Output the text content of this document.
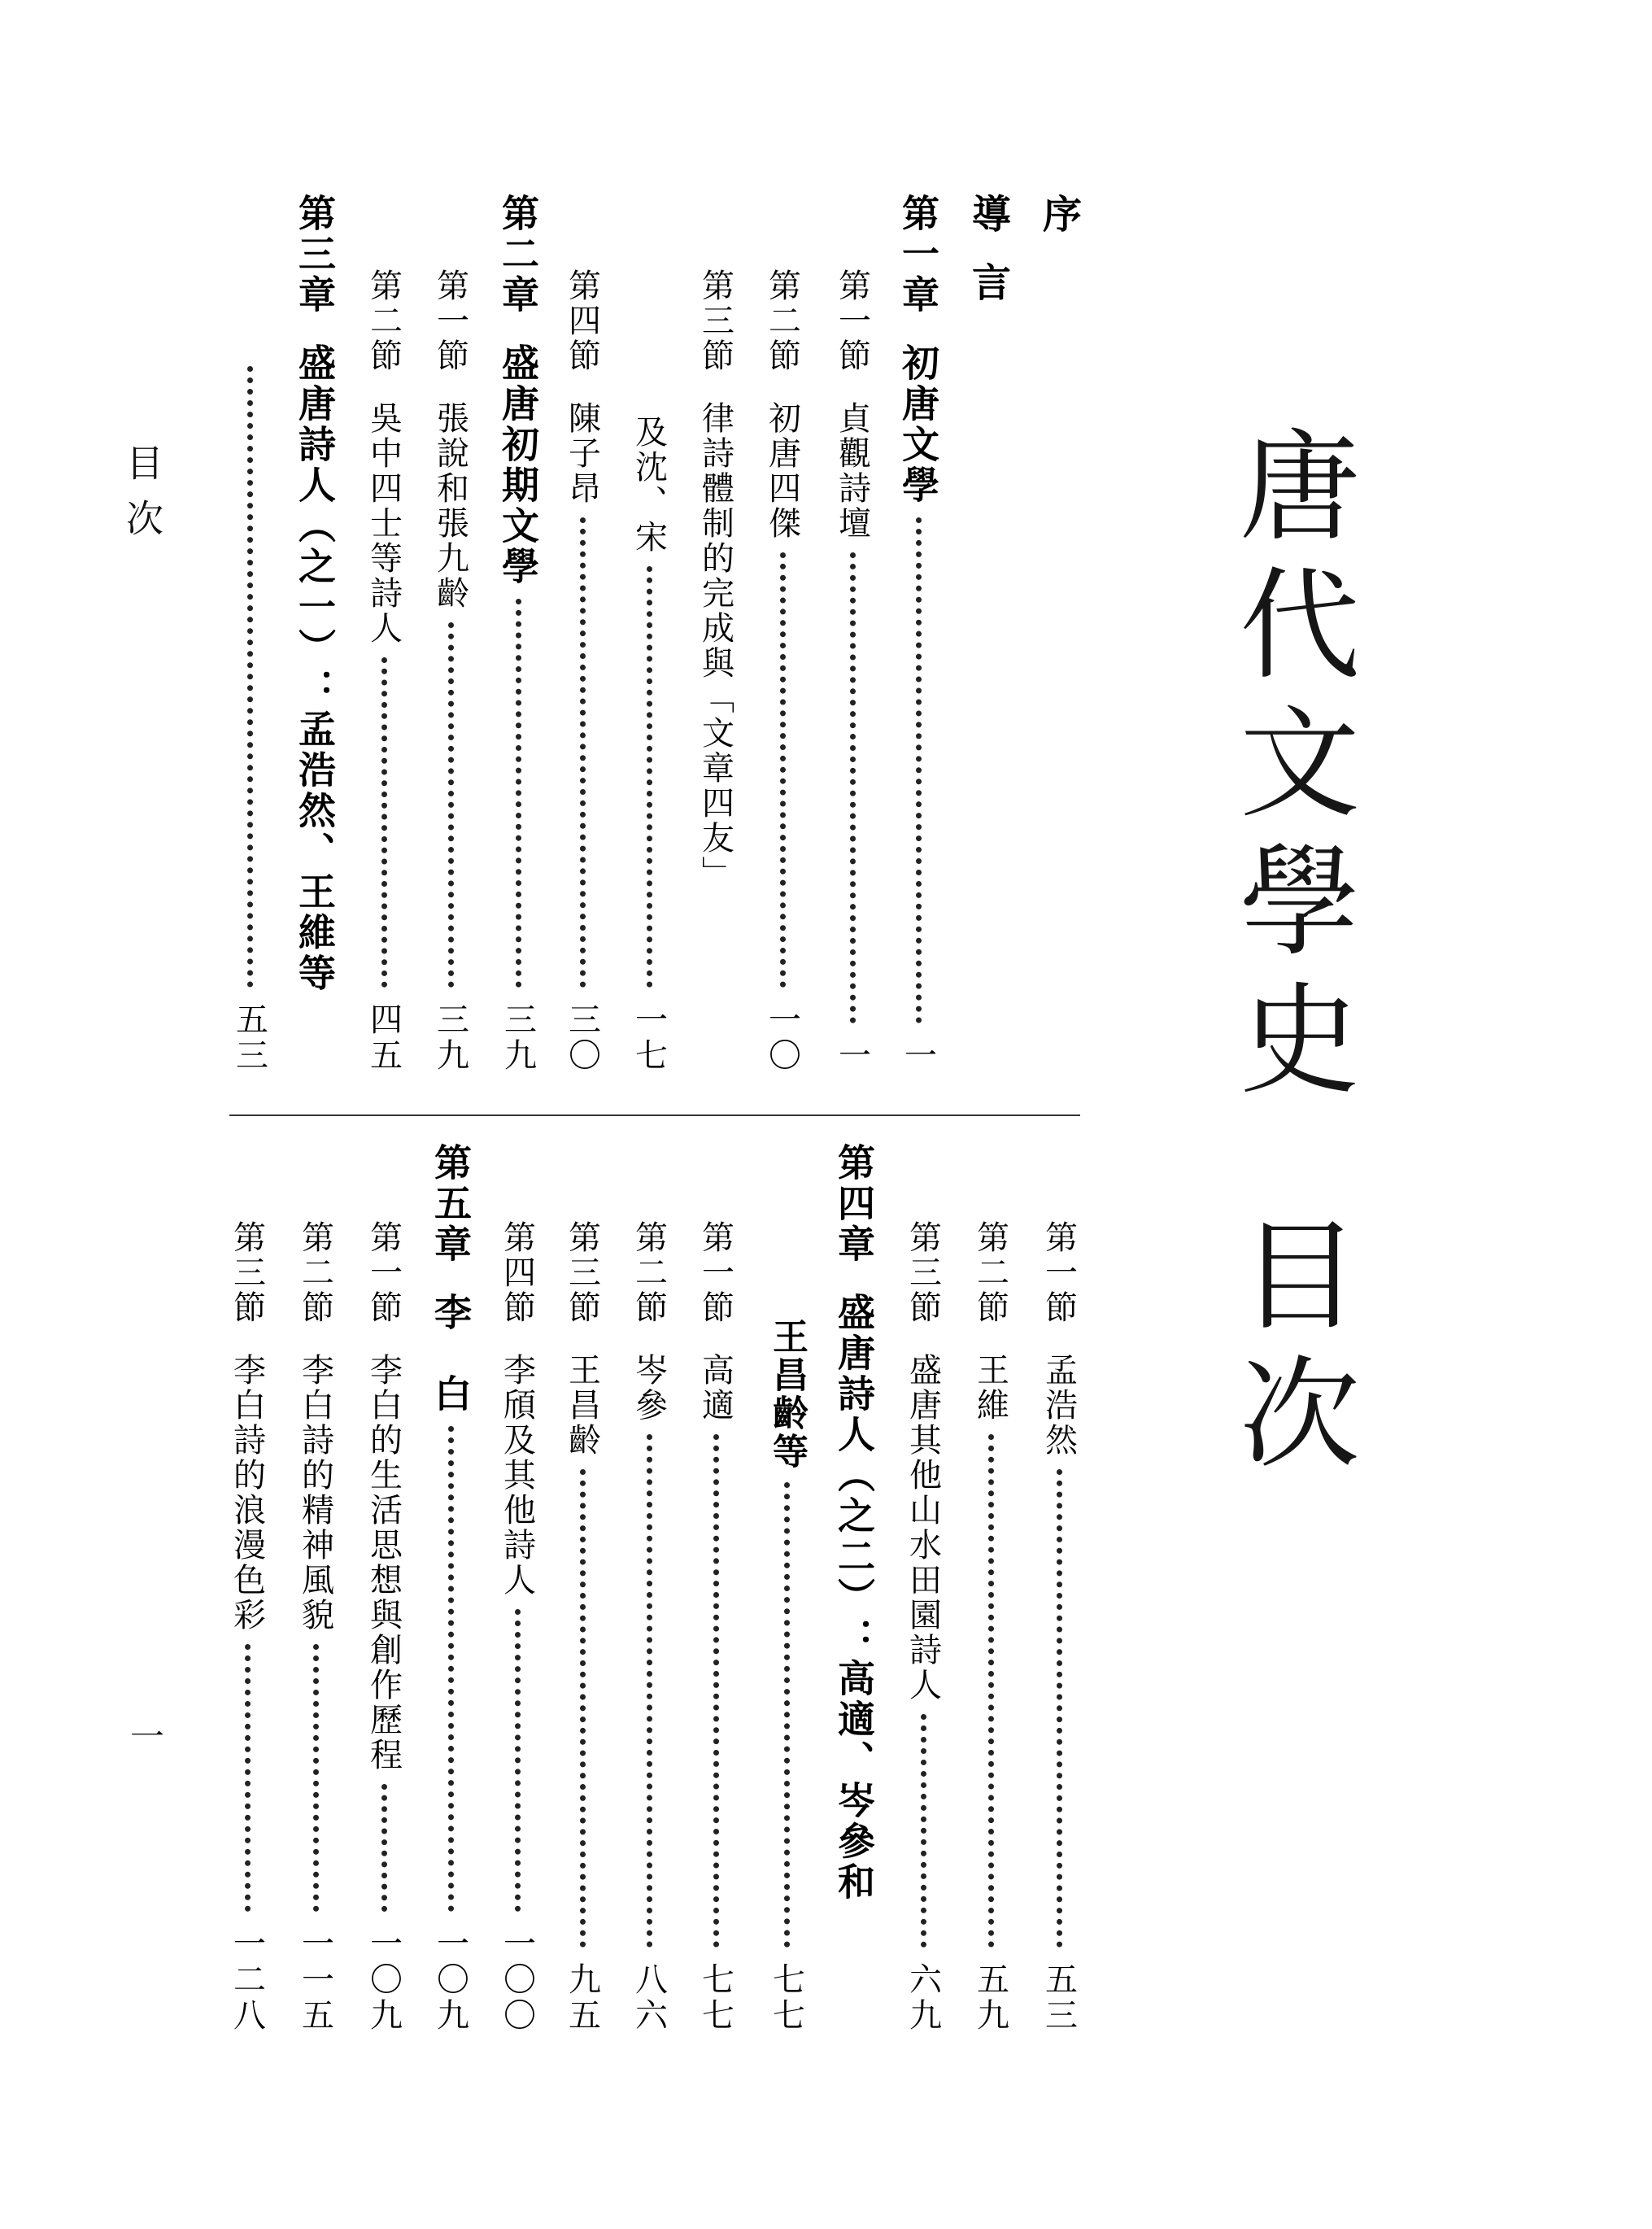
唐代文學史目次
目次
一
序
導言
第一章
初唐文學
一
第一節
貞觀詩壇
一
第二節
初唐四傑
一〇
第三節
律詩體制的完成與「文章四友」
及沈、宋
一七
第四節
陳子昂
三〇
第二章
盛唐初期文學
三九
第一節
張說和張九齡
三九
第二節
吳中四士等詩人
四五
第三章
盛唐詩人（之一）：孟浩然、王維等
五三
第一節
孟浩然
五三
第二節
王維
五九
第三節
盛唐其他山水田園詩人
六九
第四章
盛唐詩人（之二）：高適、岑參和
王昌齡等
七七
第一節
高適
七七
第二節
岑參
八六
第三節
王昌齡
九五
第四節
李頎及其他詩人
一〇〇
第五章
李　白
一〇九
第一節
李白的生活思想與創作歷程
一〇九
第二節
李白詩的精神風貌
一一五
第三節
李白詩的浪漫色彩
一二八
